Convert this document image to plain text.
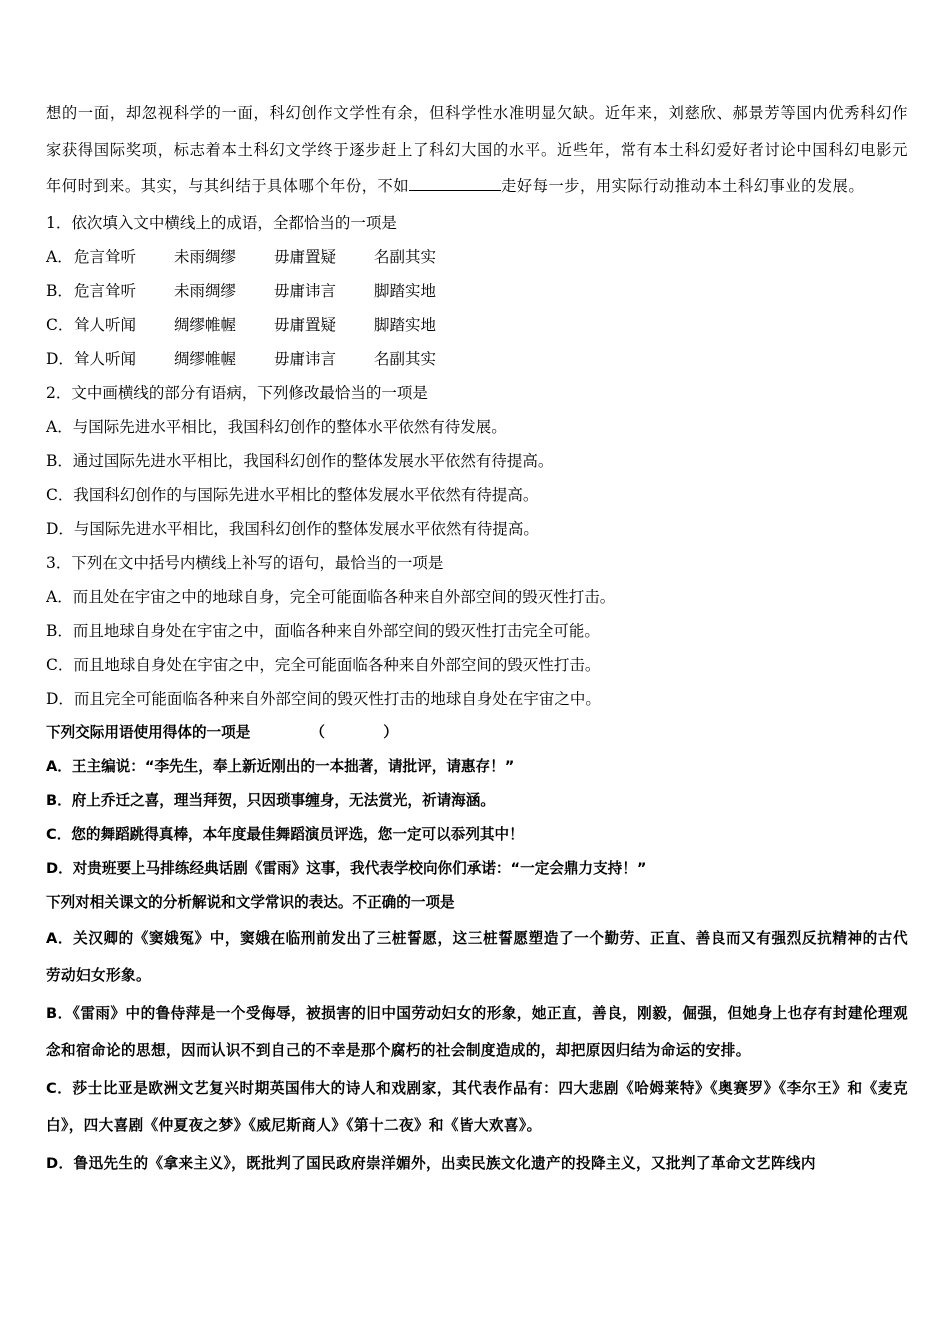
想的一面，却忽视科学的一面，科幻创作文学性有余，但科学性水准明显欠缺。近年来，刘慈欣、郝景芳等国内优秀科幻作家获得国际奖项，标志着本土科幻文学终于逐步赶上了科幻大国的水平。近些年，常有本土科幻爱好者讨论中国科幻电影元年何时到来。其实，与其纠结于具体哪个年份，不如	走好每一步，用实际行动推动本土科幻事业的发展。

1．依次填入文中横线上的成语，全都恰当的一项是

A．危言耸听 未雨绸缪 毋庸置疑 名副其实

B．危言耸听 未雨绸缪 毋庸讳言 脚踏实地

C．耸人听闻 绸缪帷幄 毋庸置疑 脚踏实地

D．耸人听闻 绸缪帷幄 毋庸讳言 名副其实

2．文中画横线的部分有语病，下列修改最恰当的一项是

A．与国际先进水平相比，我国科幻创作的整体水平依然有待发展。

B．通过国际先进水平相比，我国科幻创作的整体发展水平依然有待提高。

C．我国科幻创作的与国际先进水平相比的整体发展水平依然有待提高。

D．与国际先进水平相比，我国科幻创作的整体发展水平依然有待提高。

3．下列在文中括号内横线上补写的语句，最恰当的一项是

A．而且处在宇宙之中的地球自身，完全可能面临各种来自外部空间的毁灭性打击。

B．而且地球自身处在宇宙之中，面临各种来自外部空间的毁灭性打击完全可能。

C．而且地球自身处在宇宙之中，完全可能面临各种来自外部空间的毁灭性打击。

D．而且完全可能面临各种来自外部空间的毁灭性打击的地球自身处在宇宙之中。

下列交际用语使用得体的一项是	（　　　　）

A．王主编说：“李先生，奉上新近刚出的一本拙著，请批评，请惠存！”

B．府上乔迁之喜，理当拜贺，只因琐事缠身，无法赏光，祈请海涵。

C．您的舞蹈跳得真棒，本年度最佳舞蹈演员评选，您一定可以忝列其中！

D．对贵班要上马排练经典话剧《雷雨》这事，我代表学校向你们承诺：“一定会鼎力支持！”

下列对相关课文的分析解说和文学常识的表达。不正确的一项是

A．关汉卿的《窦娥冤》中，窦娥在临刑前发出了三桩誓愿，这三桩誓愿塑造了一个勤劳、正直、善良而又有强烈反抗精神的古代劳动妇女形象。

B．《雷雨》中的鲁侍萍是一个受侮辱，被损害的旧中国劳动妇女的形象，她正直，善良，刚毅，倔强，但她身上也存有封建伦理观念和宿命论的思想，因而认识不到自己的不幸是那个腐朽的社会制度造成的，却把原因归结为命运的安排。

C．莎士比亚是欧洲文艺复兴时期英国伟大的诗人和戏剧家，其代表作品有：四大悲剧《哈姆莱特》《奥赛罗》《李尔王》和《麦克白》，四大喜剧《仲夏夜之梦》《威尼斯商人》《第十二夜》和《皆大欢喜》。

D．鲁迅先生的《拿来主义》，既批判了国民政府崇洋媚外，出卖民族文化遗产的投降主义，又批判了革命文艺阵线内
